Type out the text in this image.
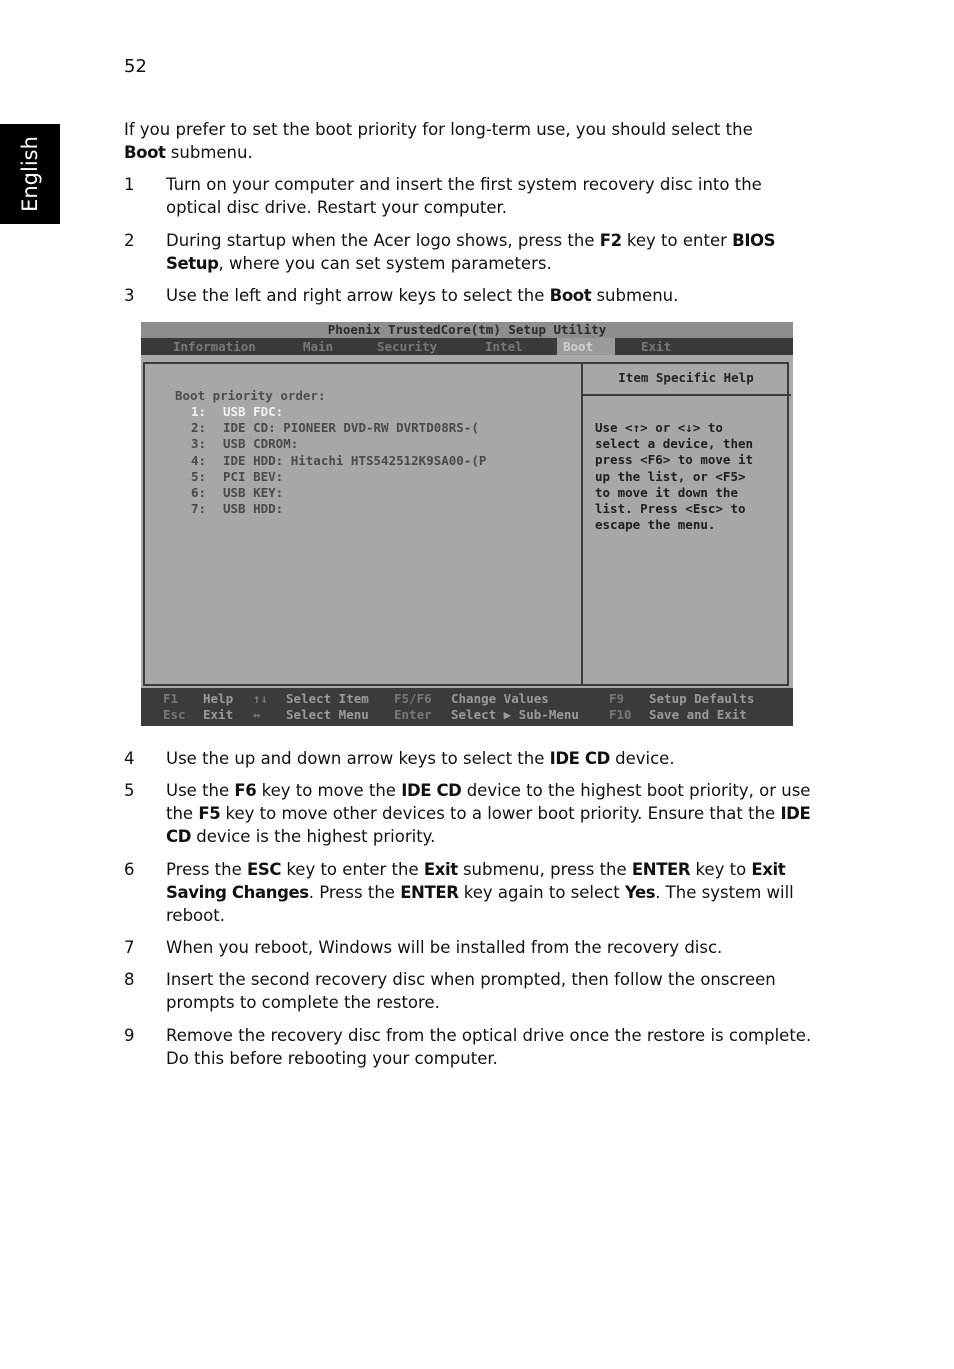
52
English

If you prefer to set the boot priority for long-term use, you should select the
Boot submenu.

1 Turn on your computer and insert the first system recovery disc into the optical disc drive. Restart your computer.
2 During startup when the Acer logo shows, press the F2 key to enter BIOS Setup, where you can set system parameters.
3 Use the left and right arrow keys to select the Boot submenu.
Phoenix TrustedCore(tm) Setup Utility
Information	Main	Security	Intel	Boot	Exit
Boot priority order:
1: USB FDC:
2: IDE CD: PIONEER DVD-RW DVRTD08RS-(
3: USB CDROM:
4: IDE HDD: Hitachi HTS542512K9SA00-(P
5: PCI BEV:
6: USB KEY:
7: USB HDD:
Item Specific Help
Use <↑> or <↓> to
select a device, then
press <F6> to move it
up the list, or <F5>
to move it down the
list. Press <Esc> to
escape the menu.
F1 Help ↑↓ Select Item F5/F6 Change Values	F9 Setup Defaults
Esc Exit ↔ Select Menu Enter Select ▶ Sub-Menu F10 Save and Exit
4 Use the up and down arrow keys to select the IDE CD device.
5 Use the F6 key to move the IDE CD device to the highest boot priority, or use the F5 key to move other devices to a lower boot priority. Ensure that the IDE CD device is the highest priority.
6 Press the ESC key to enter the Exit submenu, press the ENTER key to Exit Saving Changes. Press the ENTER key again to select Yes. The system will reboot.
7 When you reboot, Windows will be installed from the recovery disc.
8 Insert the second recovery disc when prompted, then follow the onscreen prompts to complete the restore.
9 Remove the recovery disc from the optical drive once the restore is complete. Do this before rebooting your computer.
